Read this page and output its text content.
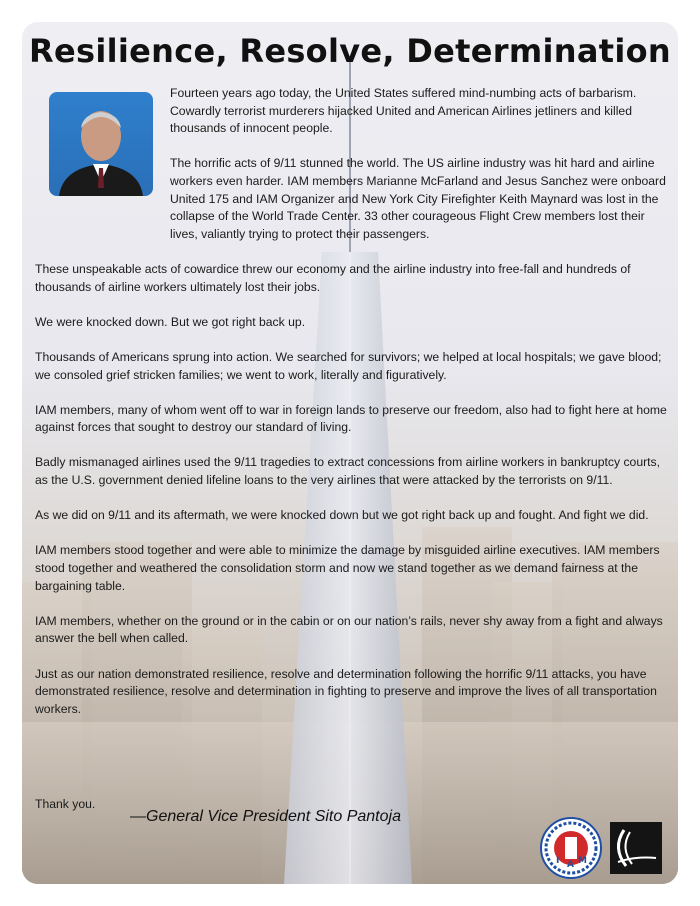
Resilience, Resolve, Determination

Fourteen years ago today, the United States suffered mind-numbing acts of barbarism. Cowardly terrorist murderers hijacked United and American Airlines jetliners and killed thousands of innocent people.

The horrific acts of 9/11 stunned the world. The US airline industry was hit hard and airline workers even harder. IAM members Marianne McFarland and Jesus Sanchez were onboard United 175 and IAM Organizer and New York City Firefighter Keith Maynard was lost in the collapse of the World Trade Center. 33 other courageous Flight Crew members lost their lives, valiantly trying to protect their passengers.

These unspeakable acts of cowardice threw our economy and the airline industry into free-fall and hundreds of thousands of airline workers ultimately lost their jobs.

We were knocked down. But we got right back up.

Thousands of Americans sprung into action. We searched for survivors; we helped at local hospitals; we gave blood; we consoled grief stricken families; we went to work, literally and figuratively.

IAM members, many of whom went off to war in foreign lands to preserve our freedom, also had to fight here at home against forces that sought to destroy our standard of living.

Badly mismanaged airlines used the 9/11 tragedies to extract concessions from airline workers in bankruptcy courts, as the U.S. government denied lifeline loans to the very airlines that were attacked by the terrorists on 9/11.

As we did on 9/11 and its aftermath, we were knocked down but we got right back up and fought. And fight we did.

IAM members stood together and were able to minimize the damage by misguided airline executives. IAM members stood together and weathered the consolidation storm and now we stand together as we demand fairness at the bargaining table.

IAM members, whether on the ground or in the cabin or on our nation’s rails, never shy away from a fight and always answer the bell when called.

Just as our nation demonstrated resilience, resolve and determination following the horrific 9/11 attacks, you have demonstrated resilience, resolve and determination in fighting to preserve and improve the lives of all transportation workers.

Thank you.
—General Vice President Sito Pantoja
I A M
